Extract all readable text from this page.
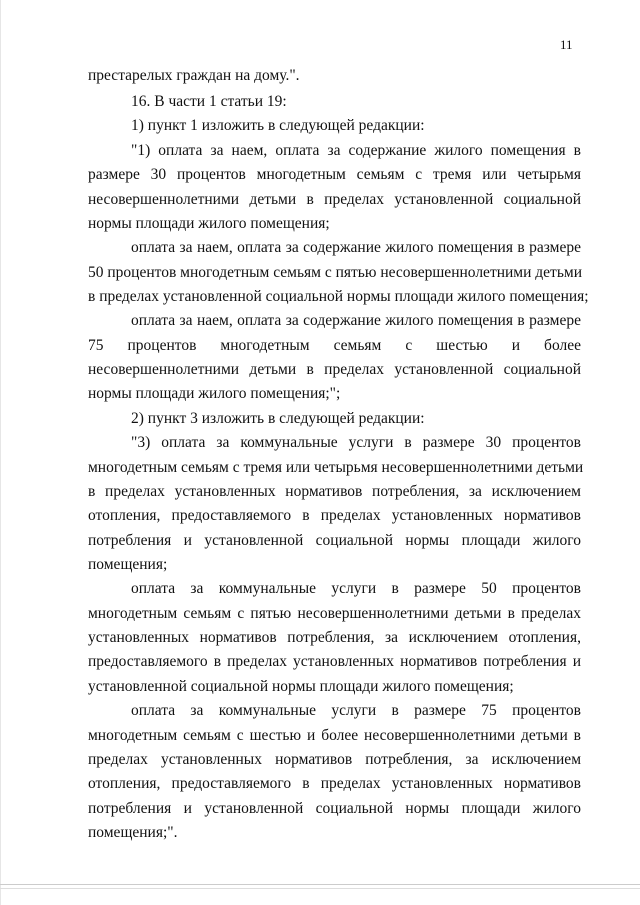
11
престарелых граждан на дому.".
16. В части 1 статьи 19:
1) пункт 1 изложить в следующей редакции:
"1) оплата за наем, оплата за содержание жилого помещения в
размере 30 процентов многодетным семьям с тремя или четырьмя
несовершеннолетними детьми в пределах установленной социальной
нормы площади жилого помещения;
оплата за наем, оплата за содержание жилого помещения в размере
50 процентов многодетным семьям с пятью несовершеннолетними детьми
в пределах установленной социальной нормы площади жилого помещения;
оплата за наем, оплата за содержание жилого помещения в размере
75 процентов многодетным семьям с шестью и более
несовершеннолетними детьми в пределах установленной социальной
нормы площади жилого помещения;";
2) пункт 3 изложить в следующей редакции:
"3) оплата за коммунальные услуги в размере 30 процентов
многодетным семьям с тремя или четырьмя несовершеннолетними детьми
в пределах установленных нормативов потребления, за исключением
отопления, предоставляемого в пределах установленных нормативов
потребления и установленной социальной нормы площади жилого
помещения;
оплата за коммунальные услуги в размере 50 процентов
многодетным семьям с пятью несовершеннолетними детьми в пределах
установленных нормативов потребления, за исключением отопления,
предоставляемого в пределах установленных нормативов потребления и
установленной социальной нормы площади жилого помещения;
оплата за коммунальные услуги в размере 75 процентов
многодетным семьям с шестью и более несовершеннолетними детьми в
пределах установленных нормативов потребления, за исключением
отопления, предоставляемого в пределах установленных нормативов
потребления и установленной социальной нормы площади жилого
помещения;".
